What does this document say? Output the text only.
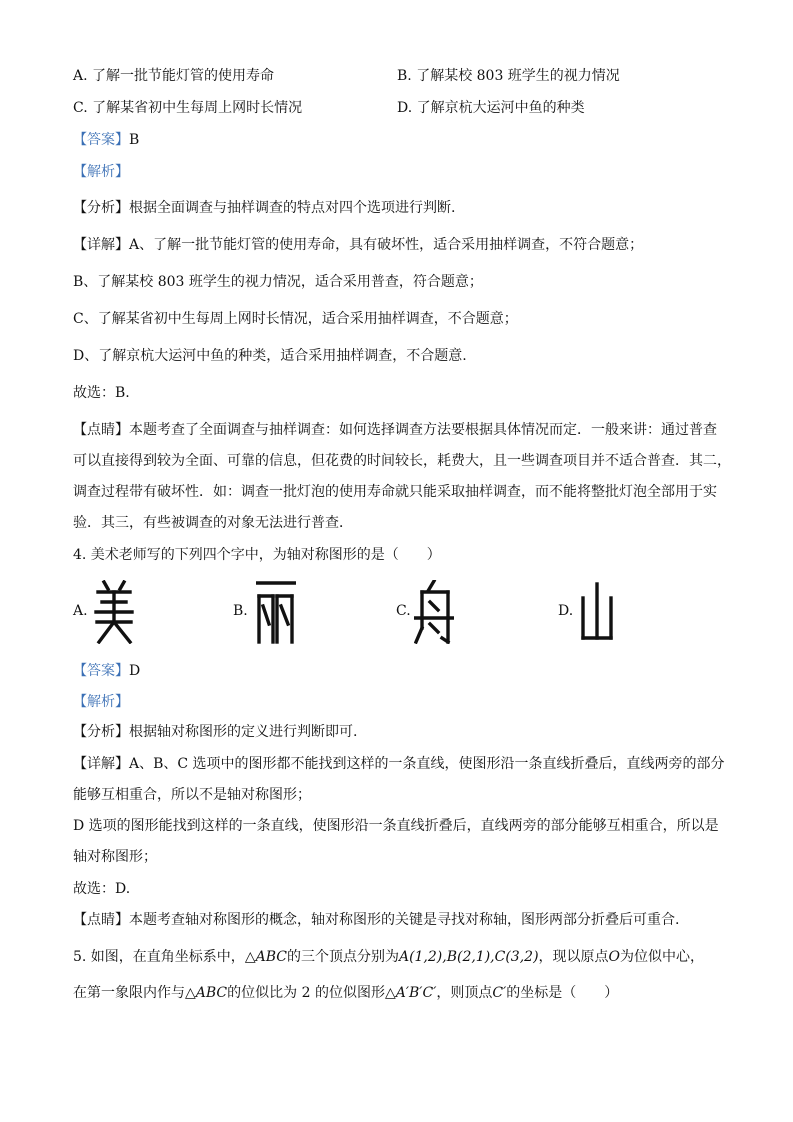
A. 了解一批节能灯管的使用寿命	B. 了解某校 803 班学生的视力情况
C. 了解某省初中生每周上网时长情况	D. 了解京杭大运河中鱼的种类
【答案】B
【解析】
【分析】根据全面调查与抽样调查的特点对四个选项进行判断.
【详解】A、了解一批节能灯管的使用寿命，具有破坏性，适合采用抽样调查，不符合题意；
B、了解某校 803 班学生的视力情况，适合采用普查，符合题意；
C、了解某省初中生每周上网时长情况，适合采用抽样调查，不合题意；
D、了解京杭大运河中鱼的种类，适合采用抽样调查，不合题意.
故选：B.
【点睛】本题考查了全面调查与抽样调查：如何选择调查方法要根据具体情况而定．一般来讲：通过普查
可以直接得到较为全面、可靠的信息，但花费的时间较长，耗费大，且一些调查项目并不适合普查．其二，
调查过程带有破坏性．如：调查一批灯泡的使用寿命就只能采取抽样调查，而不能将整批灯泡全部用于实
验．其三，有些被调查的对象无法进行普查．
4. 美术老师写的下列四个字中，为轴对称图形的是（　　）
A.	B.	C.	D.
【答案】D
【解析】
【分析】根据轴对称图形的定义进行判断即可.
【详解】A、B、C 选项中的图形都不能找到这样的一条直线，使图形沿一条直线折叠后，直线两旁的部分
能够互相重合，所以不是轴对称图形；
D 选项的图形能找到这样的一条直线，使图形沿一条直线折叠后，直线两旁的部分能够互相重合，所以是
轴对称图形；
故选：D.
【点睛】本题考查轴对称图形的概念，轴对称图形的关键是寻找对称轴，图形两部分折叠后可重合.
5. 如图，在直角坐标系中，△ABC的三个顶点分别为A(1,2),B(2,1),C(3,2)，现以原点O为位似中心，
在第一象限内作与△ABC的位似比为 2 的位似图形△A′B′C′，则顶点C′的坐标是（　　）
